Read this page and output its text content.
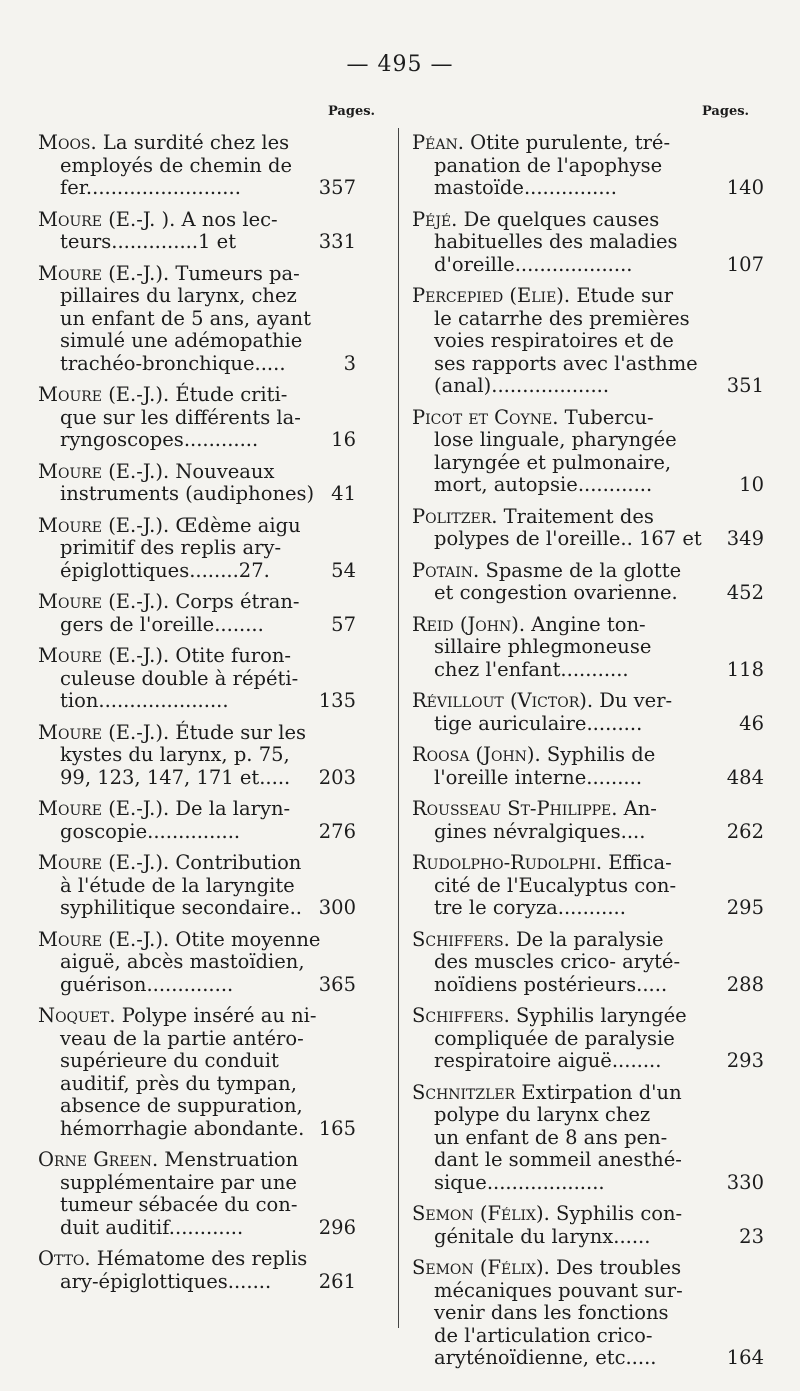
— 495 —
Pages.	Pages.
Moos. La surdité chez les
employés de chemin de

fer.........................	357
Moure (E.-J. ). A nos lec-

teurs..............1 et	331
Moure (E.-J.). Tumeurs pa-
pillaires du larynx, chez
un enfant de 5 ans, ayant
simulé une adémopathie

trachéo-bronchique.....	3
Moure (E.-J.). Étude criti-
que sur les différents la-

ryngoscopes............	16
Moure (E.-J.). Nouveaux

instruments (audiphones) 41
Moure (E.-J.). Œdème aigu
primitif des replis ary-

épiglottiques........27.	54
Moure (E.-J.). Corps étran-

gers de l'oreille........	57
Moure (E.-J.). Otite furon-
culeuse double à répéti-

tion.....................	135
Moure (E.-J.). Étude sur les
kystes du larynx, p. 75,

99, 123, 147, 171 et..... 203
Moure (E.-J.). De la laryn-

goscopie...............	276
Moure (E.-J.). Contribution
à l'étude de la laryngite

syphilitique secondaire.. 300
Moure (E.-J.). Otite moyenne
aiguë, abcès mastoïdien,

guérison..............	365
Noquet. Polype inséré au ni-
veau de la partie antéro-
supérieure du conduit
auditif, près du tympan,
absence de suppuration,

hémorrhagie abondante. 165
Orne Green. Menstruation
supplémentaire par une
tumeur sébacée du con-

duit auditif............	296
Otto. Hématome des replis

ary-épiglottiques....... 261
Péan. Otite purulente, tré-
panation de l'apophyse

mastoïde...............	140
Péjé. De quelques causes
habituelles des maladies

d'oreille...................	107
Percepied (Elie). Etude sur
le catarrhe des premières
voies respiratoires et de
ses rapports avec l'asthme

(anal)...................	351
Picot et Coyne. Tubercu-
lose linguale, pharyngée
laryngée et pulmonaire,

mort, autopsie............	10
Politzer. Traitement des

polypes de l'oreille.. 167 et 349
Potain. Spasme de la glotte

et congestion ovarienne.	452
Reid (John). Angine ton-
sillaire phlegmoneuse

chez l'enfant...........	118
Révillout (Victor). Du ver-

tige auriculaire.........	46
Roosa (John). Syphilis de

l'oreille interne.........	484
Rousseau St-Philippe. An-

gines névralgiques....	262
Rudolpho-Rudolphi. Effica-
cité de l'Eucalyptus con-

tre le coryza...........	295
Schiffers. De la paralysie
des muscles crico- aryté-

noïdiens postérieurs.....	288
Schiffers. Syphilis laryngée
compliquée de paralysie

respiratoire aiguë........	293
Schnitzler Extirpation d'un
polype du larynx chez
un enfant de 8 ans pen-
dant le sommeil anesthé-

sique...................	330
Semon (Félix). Syphilis con-

génitale du larynx......	23
Semon (Félix). Des troubles
mécaniques pouvant sur-
venir dans les fonctions
de l'articulation crico-

aryténoïdienne, etc.....	164
